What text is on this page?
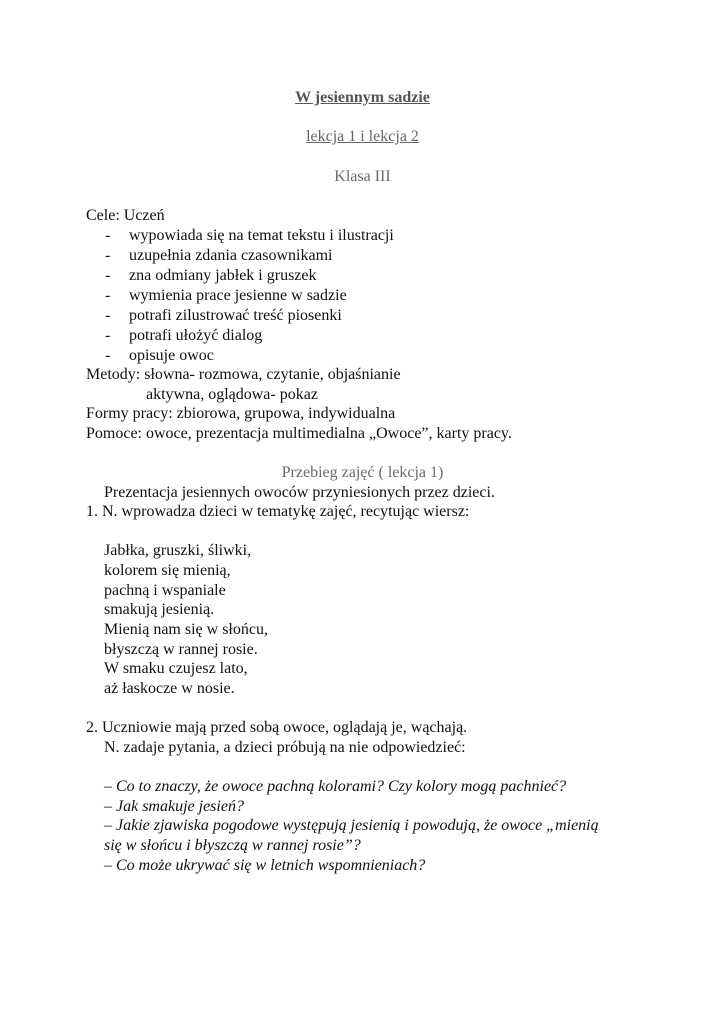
W jesiennym sadzie
lekcja 1 i lekcja 2
Klasa III
Cele: Uczeń
- wypowiada się na temat tekstu i ilustracji
- uzupełnia zdania czasownikami
- zna odmiany jabłek i gruszek
- wymienia prace jesienne w sadzie
- potrafi zilustrować treść piosenki
- potrafi ułożyć dialog
- opisuje owoc
Metody: słowna- rozmowa, czytanie, objaśnianie
aktywna, oglądowa- pokaz
Formy pracy: zbiorowa, grupowa, indywidualna
Pomoce: owoce, prezentacja multimedialna „Owoce”, karty pracy.
Przebieg zajęć ( lekcja 1)
Prezentacja jesiennych owoców przyniesionych przez dzieci.
1. N. wprowadza dzieci w tematykę zajęć, recytując wiersz:
Jabłka, gruszki, śliwki,
kolorem się mienią,
pachną i wspaniale
smakują jesienią.
Mienią nam się w słońcu,
błyszczą w rannej rosie.
W smaku czujesz lato,
aż łaskocze w nosie.
2. Uczniowie mają przed sobą owoce, oglądają je, wąchają.
N. zadaje pytania, a dzieci próbują na nie odpowiedzieć:
– Co to znaczy, że owoce pachną kolorami? Czy kolory mogą pachnieć?
– Jak smakuje jesień?
– Jakie zjawiska pogodowe występują jesienią i powodują, że owoce „mienią
się w słońcu i błyszczą w rannej rosie”?
– Co może ukrywać się w letnich wspomnieniach?
